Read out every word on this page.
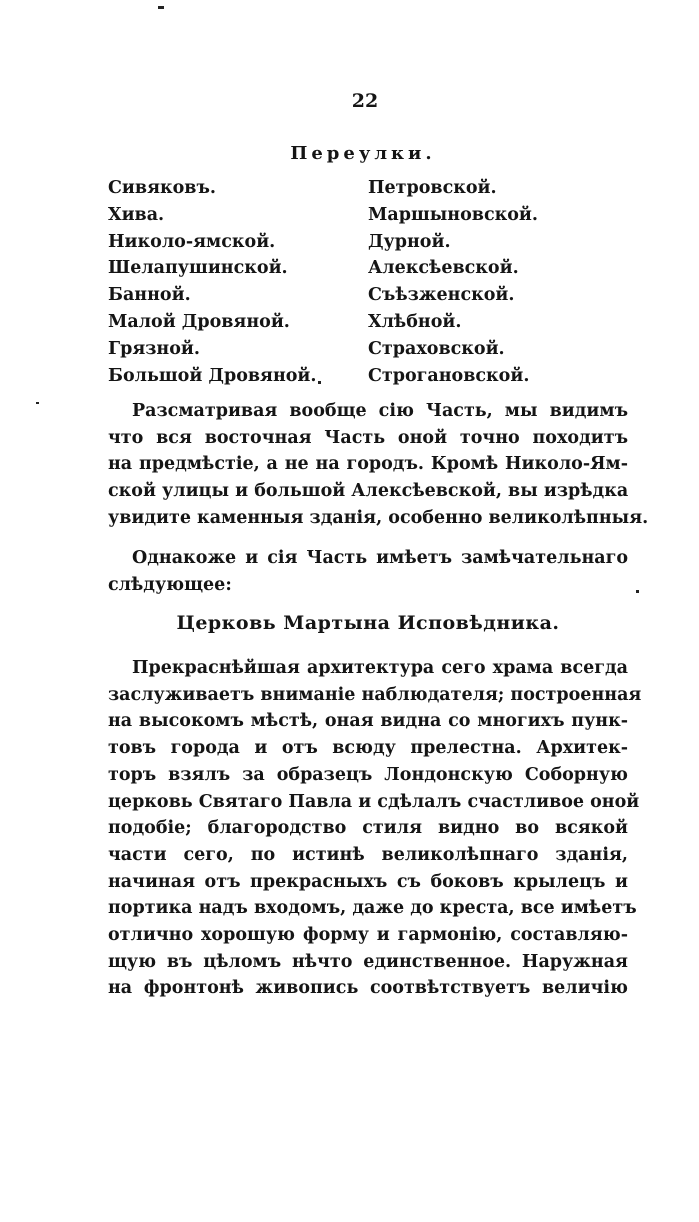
22
Переулки.
Сивяковъ.	Петровской.
Хива.	Маршыновской.
Николо-ямской.	Дурной.
Шелапушинской.	Алексѣевской.
Банной.	Съѣзженской.
Малой Дровяной.	Хлѣбной.
Грязной.	Страховской.
Большой Дровяной.	Строгановской.
Разсматривая вообще сію Часть, мы видимъ
что вся восточная Часть оной точно походитъ
на предмѣстіе, а не на городъ. Кромѣ Николо-Ям-
ской улицы и большой Алексѣевской, вы изрѣдка
увидите каменныя зданія, особенно великолѣпныя.
Однакоже и сія Часть имѣетъ замѣчательнаго
слѣдующее:
Церковь Мартына Исповѣдника.
Прекраснѣйшая архитектура сего храма всегда
заслуживаетъ вниманіе наблюдателя; построенная
на высокомъ мѣстѣ, оная видна со многихъ пунк-
товъ города и отъ всюду прелестна. Архитек-
торъ взялъ за образецъ Лондонскую Соборную
церковь Святаго Павла и сдѣлалъ счастливое оной
подобіе; благородство стиля видно во всякой
части сего, по истинѣ великолѣпнаго зданія,
начиная отъ прекрасныхъ съ боковъ крылецъ и
портика надъ входомъ, даже до креста, все имѣетъ
отлично хорошую форму и гармонію, составляю-
щую въ цѣломъ нѣчто единственное. Наружная
на фронтонѣ живопись соотвѣтствуетъ величію
